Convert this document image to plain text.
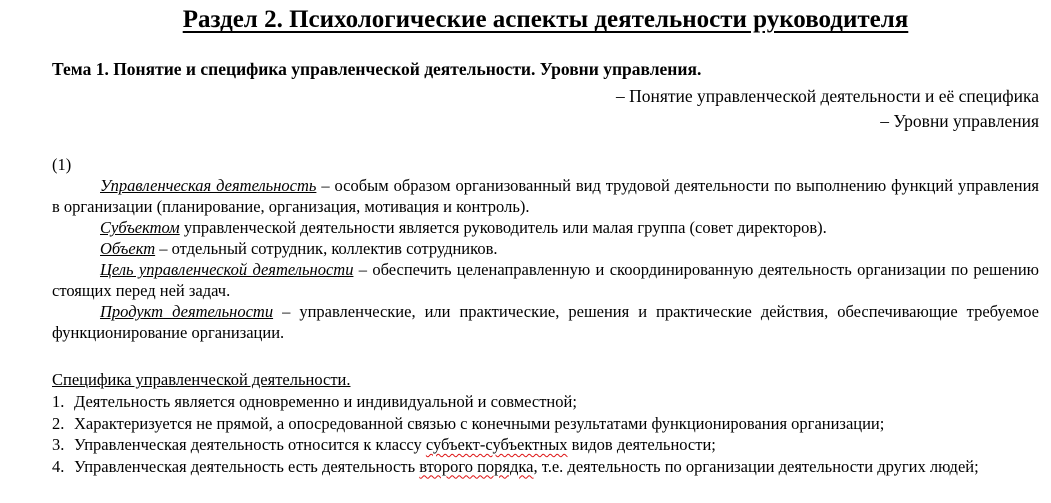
Раздел 2. Психологические аспекты деятельности руководителя
Тема 1. Понятие и специфика управленческой деятельности. Уровни управления.
– Понятие управленческой деятельности и её специфика
– Уровни управления
(1)

Управленческая деятельность – особым образом организованный вид трудовой деятельности по выполнению функций управления в организации (планирование, организация, мотивация и контроль).

Субъектом управленческой деятельности является руководитель или малая группа (совет директоров).

Объект – отдельный сотрудник, коллектив сотрудников.

Цель управленческой деятельности – обеспечить целенаправленную и скоординированную деятельность организации по решению стоящих перед ней задач.

Продукт деятельности – управленческие, или практические, решения и практические действия, обеспечивающие требуемое функционирование организации.

Специфика управленческой деятельности.
1. Деятельность является одновременно и индивидуальной и совместной;
2. Характеризуется не прямой, а опосредованной связью с конечными результатами функционирования организации;
3. Управленческая деятельность относится к классу субъект-субъектных видов деятельности;
4. Управленческая деятельность есть деятельность второго порядка, т.е. деятельность по организации деятельности других людей;
